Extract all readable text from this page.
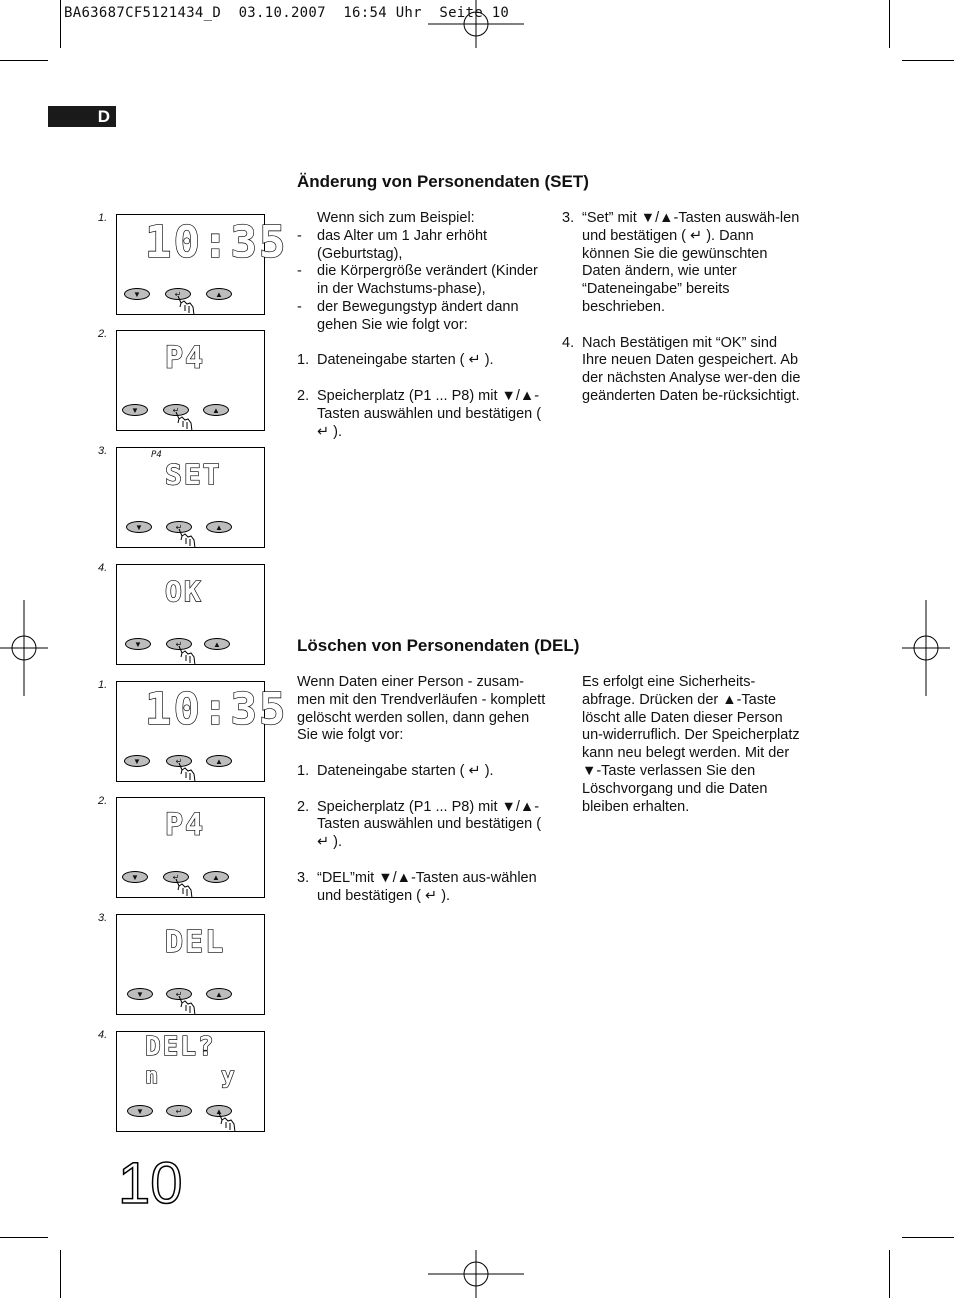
BA63687CF5121434_D  03.10.2007  16:54 Uhr  Seite 10
D
Änderung von Personendaten (SET)
Wenn sich zum Beispiel:
- das Alter um 1 Jahr erhöht (Geburtstag),
- die Körpergröße verändert (Kinder in der Wachstums-phase),
- der Bewegungstyp ändert dann gehen Sie wie folgt vor:
1. Dateneingabe starten ( ↵ ).
2. Speicherplatz (P1 ... P8) mit ▼/▲-Tasten auswählen und bestätigen ( ↵ ).
3. “Set” mit ▼/▲-Tasten auswäh-len und bestätigen ( ↵ ). Dann können Sie die gewünschten Daten ändern, wie unter “Dateneingabe” bereits beschrieben.
4. Nach Bestätigen mit “OK” sind Ihre neuen Daten gespeichert. Ab der nächsten Analyse wer-den die geänderten Daten be-rücksichtigt.
Löschen von Personendaten (DEL)
Wenn Daten einer Person - zusam-men mit den Trendverläufen - komplett gelöscht werden sollen, dann gehen Sie wie folgt vor:
1. Dateneingabe starten ( ↵ ).
2. Speicherplatz (P1 ... P8) mit ▼/▲-Tasten auswählen und bestätigen ( ↵ ).
3. “DEL”mit ▼/▲-Tasten aus-wählen und bestätigen ( ↵ ).
Es erfolgt eine Sicherheits-abfrage. Drücken der ▲-Taste löscht alle Daten dieser Person un-widerruflich. Der Speicherplatz kann neu belegt werden. Mit der ▼-Taste verlassen Sie den Löschvorgang und die Daten bleiben erhalten.
1. 10:35
▼	↵	▲
2.
P4
▼	↵	▲
3.	P4
SET
▼	↵	▲
4.
OK
▼	↵	▲
1. 10:35
▼	↵	▲
2.
P4
▼	↵	▲
3.
DEL
▼	↵	▲
4. DEL?
n    y
▼	↵	▲
10
